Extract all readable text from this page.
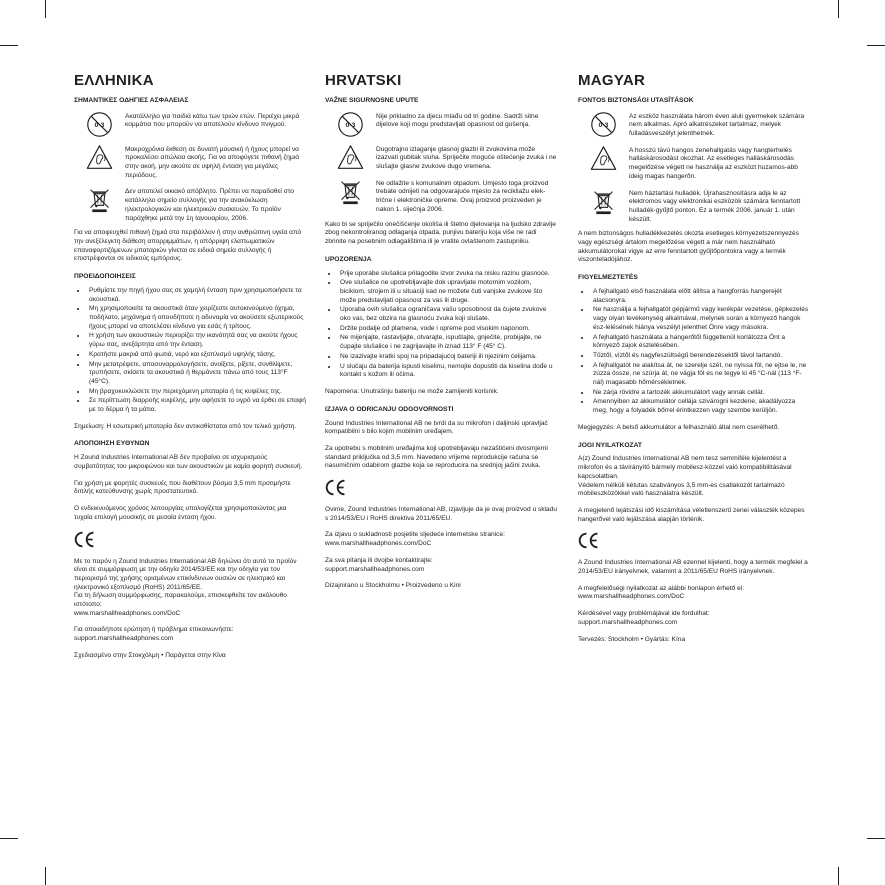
ΕΛΛΗΝΙΚΑ
ΣΗΜΑΝΤΙΚΕΣ ΟΔΗΓΙΕΣ ΑΣΦΑΛΕΙΑΣ
0-3

Ακατάλληλο για παιδιά κάτω των τριών ετών. Περιέχει μικρά κομμάτια που μπορούν να αποτελούν κίνδυνο πνιγμού.

Μακροχρόνια έκθεση σε δυνατή μουσική ή ήχους μπορεί να προκαλέσει απώλεια ακοής. Για να αποφύγετε πιθανή ζημιά στην ακοή, μην ακούτε σε υψηλή ένταση για μεγάλες περιόδους.

Δεν αποτελεί οικιακό απόβλητο. Πρέπει να παραδοθεί στο κατάλληλο σημείο συλλογής για την ανακύκλωση ηλεκτρολογικών και ηλεκτρικών συσκευών. Το προϊόν παράχθηκε μετά την 1η Ιανουαρίου, 2006.

Για να αποφευχθεί πιθανή ζημιά στο περιβάλλον ή στην ανθρώπινη υγεία από την ανεξέλεγκτη διάθεση απορριμμάτων, η απόρριψη ελαττωματικών επαναφορτιζόμενων μπαταριών γίνεται σε ειδικά σημεία συλλογής ή επιστρέφονται σε ειδικούς εμπόρους.

ΠΡΟΕΙΔΟΠΟΙΗΣΕΙΣ
• Ρυθμίστε την πηγή ήχου σας σε χαμηλή ένταση πριν χρησιμοποιήσετε τα ακουστικά.
• Μη χρησιμοποιείτε τα ακουστικά όταν χειρίζεστε αυτοκινούμενο όχημα, ποδήλατο, μηχάνημα ή οπουδήποτε η αδυναμία να ακούσετε εξωτερικούς ήχους μπορεί να αποτελέσει κίνδυνο για εσάς ή τρίτους.
• Η χρήση των ακουστικών περιορίζει την ικανότητά σας να ακούτε ήχους γύρω σας, ανεξάρτητα από την ένταση.
• Κρατήστε μακριά από φωτιά, νερό και εξοπλισμό υψηλής τάσης.
• Μην μετατρέψετε, αποσυναρμολογήσετε, ανοίξετε, ρίξετε, συνθλίψετε, τρυπήσετε, σκίσετε τα ακουστικά ή θερμάνετε πάνω από τους 113°F (45°C).
• Μη βραχυκυκλώσετε την περιεχόμενη μπαταρία ή τις κυψέλες της.
• Σε περίπτωση διαρροής κυψέλης, μην αφήσετε το υγρό να έρθει σε επαφή με το δέρμα ή τα μάτια.

Σημείωση: Η εσωτερική μπαταρία δεν αντικαθίσταται από τον τελικό χρήστη.

ΑΠΟΠΟΙΗΣΗ ΕΥΘΥΝΩΝ

Η Zound Industries International AB δεν προβαίνει σε ισχυρισμούς συμβατότητας του μικροφώνου και των ακουστικών με καμία φορητή συσκευή.

Για χρήση με φορητές συσκευές που διαθέτουν βύσμα 3,5 mm προτιμήστε διπλής κατεύθυνσης χωρίς προστατευτικό.

Ο ενδεικνυόμενος χρόνος λειτουργίας υπολογίζεται χρησιμοποιώντας μια τυχαία επιλογή μουσικής σε μεσαία ένταση ήχου.

Με το παρόν η Zound Industries International AB δηλώνει ότι αυτό το προϊόν είναι σε συμμόρφωση με την οδηγία 2014/53/EE και την οδηγία για τον περιορισμό της χρήσης ορισμένων επικίνδυνων ουσιών σε ηλεκτρικό και ηλεκτρονικό εξοπλισμό (RoHS) 2011/65/EE.
Για τη δήλωση συμμόρφωσης, παρακαλούμε, επισκεφθείτε τον ακόλουθο ιστότοπο:
www.marshallheadphones.com/DoC

Για οποιαδήποτε ερώτηση ή πρόβλημα επικοινωνήστε:
support.marshallheadphones.com

Σχεδιασμένο στην Στοκχόλμη • Παράγεται στην Κίνα

HRVATSKI
VAŽNE SIGURNOSNE UPUTE
0-3

Nije prikladno za djecu mlađu od tri godine. Sadrži sitne dijelove koji mogu predstavljati opasnost od gušenja.

Dugotrajno izlaganje glasnoj glazbi ili zvukovima može izazvati gubitak sluha. Spriječite moguće oštećenje zvuka i ne slušajte glasne zvukove dugo vremena.

Ne odlažite s komunalnim otpadom. Umjesto toga proizvod trebate odnijeti na odgovarajuće mjesto za recikliažu elek-trične i elektroničke opreme. Ovaj proizvod proizveden je nakon 1. siječnja 2006.

Kako bi se spriječilo onečišćenje okoliša ili štetno djelovanja na ljudsko zdravlje zbog nekontroliranog odlaganja otpada, punjivu bateriju koja više ne radi zbrinite na posebnim odlagalištima ili je vratite ovlaštenom zastupniku.

UPOZORENJA
• Prije uporabe slušalica prilagodite izvor zvuka na nisku razinu glasnoće.
• Ove slušalice ne upotrebljavajte dok upravljate motornim vozilom, biciklom, strojem ili u situaciji kad ne možete čuti vanjske zvukove što može predstavljati opasnost za vas ili druge.
• Uporaba ovih slušalica ograničava vašu sposobnost da čujete zvukove oko vas, bez obzira na glasnoću zvuka koji slušate.
• Držite podalje od plamena, vode i opreme pod visokim naponom.
• Ne mijenjajte, rastavljajte, otvarajte, ispuštajte, gnječite, probijajte, ne čupajte slušalice i ne zagrijavajte ih iznad 113° F (45° C).
• Ne izazivajte kratki spoj na pripadajućoj bateriji ili njezinim ćelijama.
• U slučaju da baterija ispusti kiselinu, nemojte dopustiti da kiselina dođe u kontakt s kožom ili očima.

Napomena: Unutrašnju bateriju ne može zamijeniti korisnik.

IZJAVA O ODRICANJU ODGOVORNOSTI

Zound Industries International AB ne tvrdi da su mikrofon i daljinski upravljač kompatibilni s bilo kojim mobilnim uređajem.

Za upotrebu s mobilnim uređajima koji upotrebljavaju nezaštićeni dvosmjerni standard priključka od 3,5 mm. Navedeno vrijeme reprodukcije računa se nasumičnim odabirom glazbe koja se reproducira na srednjoj jačini zvuka.

Ovime, Zound Industries International AB, izjavljuje da je ovaj proizvod u skladu s 2014/53/EU i RoHS direktiva 2011/65/EU.

Za izjavu o sukladnosti posjetite sljedeće internetske stranice: www.marshallheadphones.com/DoC

Za sva pitanja ili dvojbe kontaktirajte:
support.marshallheadphones.com

Dizajnirano u Stockholmu • Proizvedeno u Kini

MAGYAR
FONTOS BIZTONSÁGI UTASÍTÁSOK
0-3

Az eszköz használata három éven aluli gyermekek számára nem alkalmas. Apró alkatrészeket tartalmaz, melyek fulladásveszélyt jelenthetnek.

A hosszú távú hangos zenehallgatás vagy hangterhelés halláskárosodást okozhat. Az esetleges halláskárosodás megelőzése végett ne használja az eszközt huzamos-abb ideig magas hangerőn.

Nem háztartási hulladék. Újrahasznosításra adja le az elektromos vagy elektronikai eszközök számára fenntartott hulladék-gyűjtő ponton. Ez a termék 2006. január 1. után készült.

A nem biztonságos hulladékkezelés okozta esetleges környezetszennyezés vagy egészségi ártalom megelőzése végett a már nem használható akkumulátorokat vigye az erre fenntartott gyűjtőpontokra vagy a termék viszonteladójához.

FIGYELMEZTETÉS
• A fejhallgató első használata előtt állítsa a hangforrás hangerejét alacsonyra.
• Ne használja a fejhallgatót gépjármű vagy kerékpár vezetése, gépkezelés vagy olyan tevékenység alkalmával, melynek során a környező hangok ész-lelésének hiánya veszélyt jelenthet Önre vagy másokra.
• A fejhallgató használata a hangerőtől függetlenül korlátozza Önt a környező zajok észlelésében.
• Tűztől, víztől és nagyfeszültségű berendezésektől távol tartandó.
• A fejhallgatót ne alakítsa át, ne szerelje szét, ne nyissa föl, ne ejtse le, ne zúzza össze, ne szúrja át, ne vágja föl és ne tegye ki 45 °C-nál (113 °F-nál) magasabb hőmérsékletnek.
• Ne zárja rövidre a tartozék akkumulátort vagy annak cellát.
• Amennyiben az akkumulátor cellája szivárogni kezdene, akadályozza meg, hogy a folyadék bőrrel érintkezzen vagy szembe kerüljön.

Megjegyzés: A belső akkumulátor a felhasználó által nem cserélhető.

JOGI NYILATKOZAT

A(z) Zound Industries International AB nem tesz semmiféle kijelentést a mikrofon és a távirányító bármely mobilesz-közzel való kompatibilitásával kapcsolatban.
Védelem nélküli kétutas szabványos 3,5 mm-es csatlakozót tartalmazó mobileszközökkel való használatra készült.

A megjelenő lejátszási idő kiszámítása véletlenszerű zenei választék közepes hangerővel való lejátszása alapján történik.

A Zound Industries International AB ezennel kijelenti, hogy a termék megfelel a 2014/53/EU irányelvnek, valamint a 2011/65/EU RoHS irányelvnek.

A megfelelőségi nyilatkozat az alábbi honlapon érhető el: www.marshallheadphones.com/DoC

Kérdésével vagy problémájával ide fordulhat:
support.marshallheadphones.com

Tervezés: Stockholm • Gyártás: Kína
